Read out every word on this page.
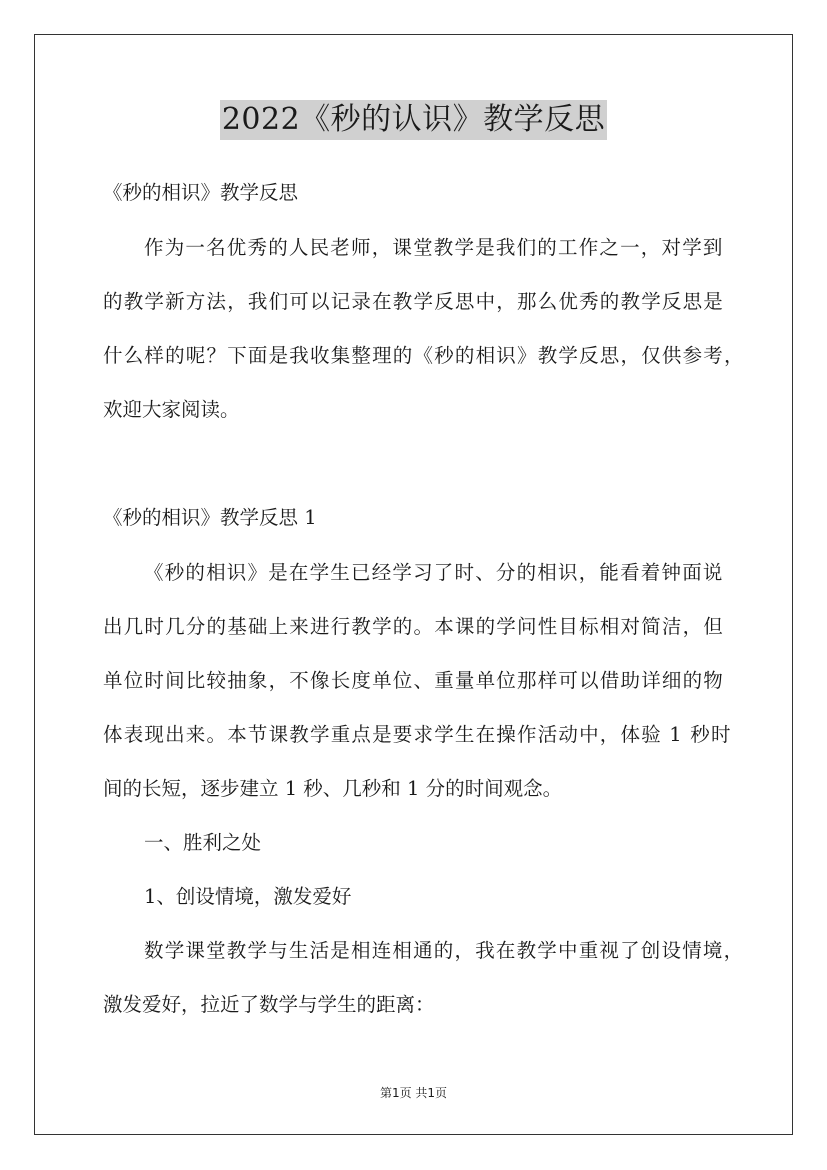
2022《秒的认识》教学反思
《秒的相识》教学反思
作为一名优秀的人民老师，课堂教学是我们的工作之一，对学到
的教学新方法，我们可以记录在教学反思中，那么优秀的教学反思是
什么样的呢？下面是我收集整理的《秒的相识》教学反思，仅供参考，
欢迎大家阅读。
《秒的相识》教学反思 1
《秒的相识》是在学生已经学习了时、分的相识，能看着钟面说
出几时几分的基础上来进行教学的。本课的学问性目标相对简洁，但
单位时间比较抽象，不像长度单位、重量单位那样可以借助详细的物
体表现出来。本节课教学重点是要求学生在操作活动中，体验 1 秒时
间的长短，逐步建立 1 秒、几秒和 1 分的时间观念。
一、胜利之处
1、创设情境，激发爱好
数学课堂教学与生活是相连相通的，我在教学中重视了创设情境，
激发爱好，拉近了数学与学生的距离：
第1页 共1页
